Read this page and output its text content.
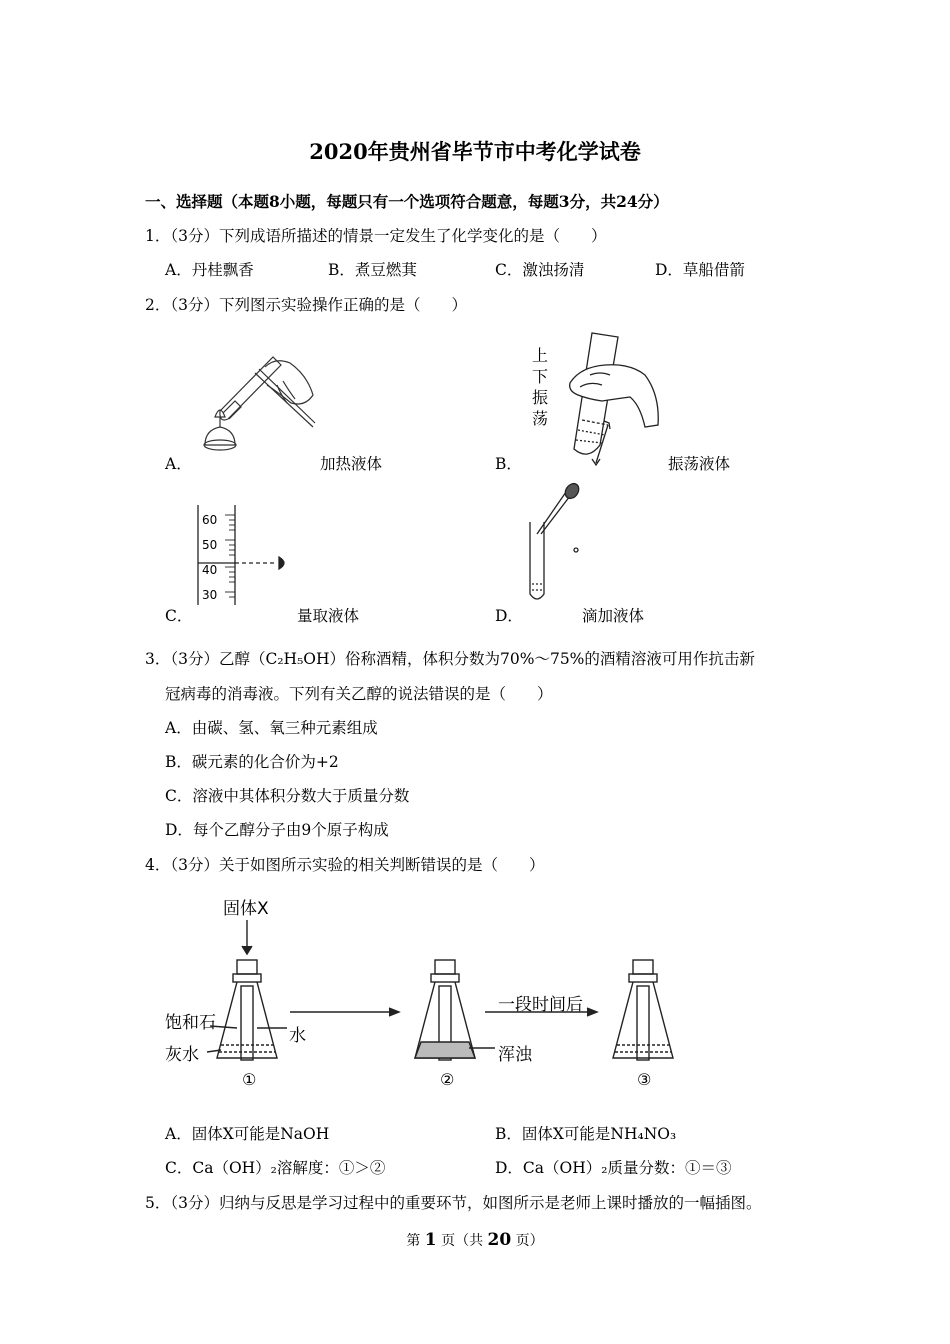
2020年贵州省毕节市中考化学试卷
一、选择题（本题8小题，每题只有一个选项符合题意，每题3分，共24分）
1．（3分）下列成语所描述的情景一定发生了化学变化的是（　　）
A．丹桂飘香	B．煮豆燃萁	C．激浊扬清	D．草船借箭
2．（3分）下列图示实验操作正确的是（　　）
A．	加热液体
上
下
振
荡
B．	振荡液体
60
50
40
30
C．	量取液体	D．	滴加液体
3．（3分）乙醇（C₂H₅OH）俗称酒精，体积分数为70%～75%的酒精溶液可用作抗击新
冠病毒的消毒液。下列有关乙醇的说法错误的是（　　）
A．由碳、氢、氧三种元素组成
B．碳元素的化合价为+2
C．溶液中其体积分数大于质量分数
D．每个乙醇分子由9个原子构成
4．（3分）关于如图所示实验的相关判断错误的是（　　）
固体X
饱和石
灰水
水
一段时间后
浑浊
①	②	③
A．固体X可能是NaOH	B．固体X可能是NH₄NO₃
C．Ca（OH）₂溶解度：①＞②	D．Ca（OH）₂质量分数：①＝③
5．（3分）归纳与反思是学习过程中的重要环节，如图所示是老师上课时播放的一幅插图。
第 1 页（共 20 页）
